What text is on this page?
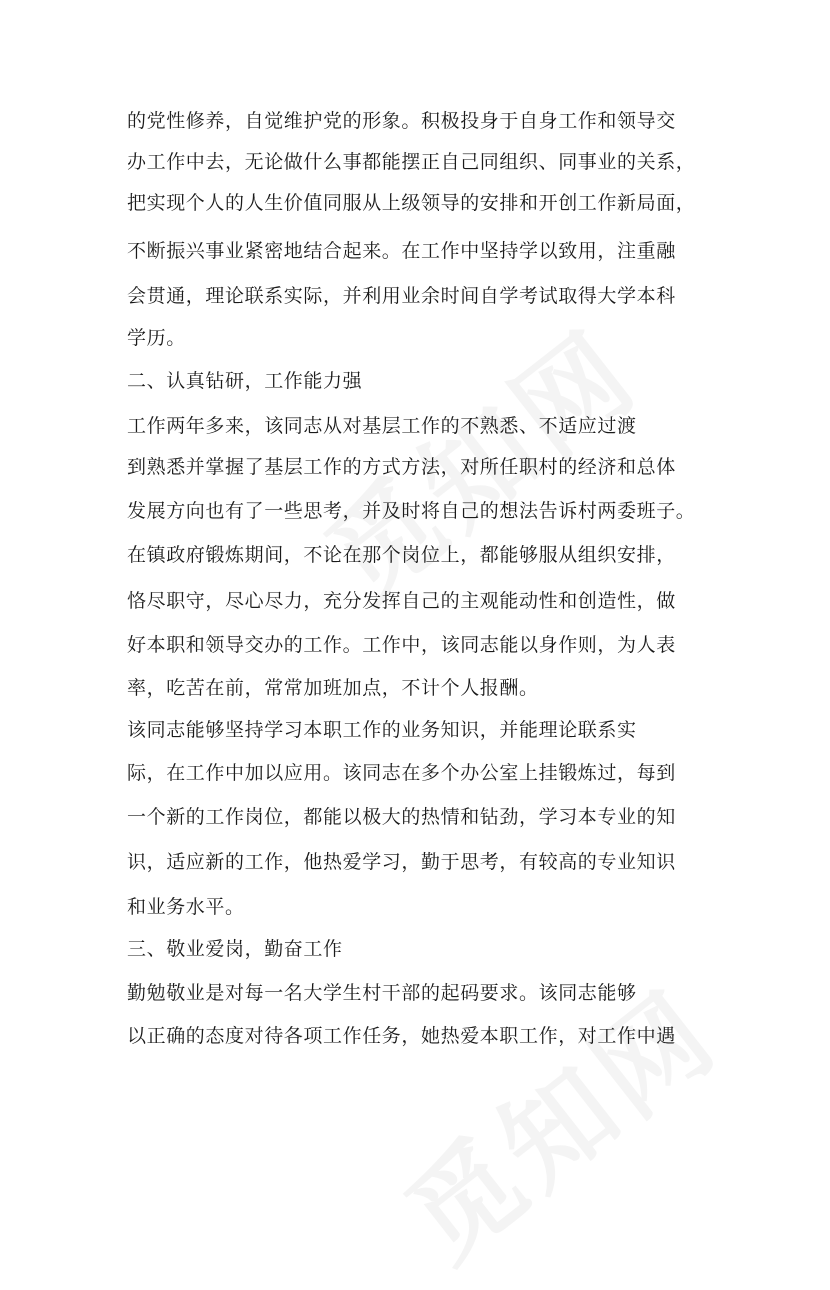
的党性修养，自觉维护党的形象。积极投身于自身工作和领导交
办工作中去，无论做什么事都能摆正自己同组织、同事业的关系，
把实现个人的人生价值同服从上级领导的安排和开创工作新局面，
不断振兴事业紧密地结合起来。在工作中坚持学以致用，注重融
会贯通，理论联系实际，并利用业余时间自学考试取得大学本科
学历。
二、认真钻研，工作能力强
工作两年多来，该同志从对基层工作的不熟悉、不适应过渡
到熟悉并掌握了基层工作的方式方法，对所任职村的经济和总体
发展方向也有了一些思考，并及时将自己的想法告诉村两委班子。
在镇政府锻炼期间，不论在那个岗位上，都能够服从组织安排，
恪尽职守，尽心尽力，充分发挥自己的主观能动性和创造性，做
好本职和领导交办的工作。工作中，该同志能以身作则，为人表
率，吃苦在前，常常加班加点，不计个人报酬。
该同志能够坚持学习本职工作的业务知识，并能理论联系实
际，在工作中加以应用。该同志在多个办公室上挂锻炼过，每到
一个新的工作岗位，都能以极大的热情和钻劲，学习本专业的知
识，适应新的工作，他热爱学习，勤于思考，有较高的专业知识
和业务水平。
三、敬业爱岗，勤奋工作
勤勉敬业是对每一名大学生村干部的起码要求。该同志能够
以正确的态度对待各项工作任务，她热爱本职工作，对工作中遇
